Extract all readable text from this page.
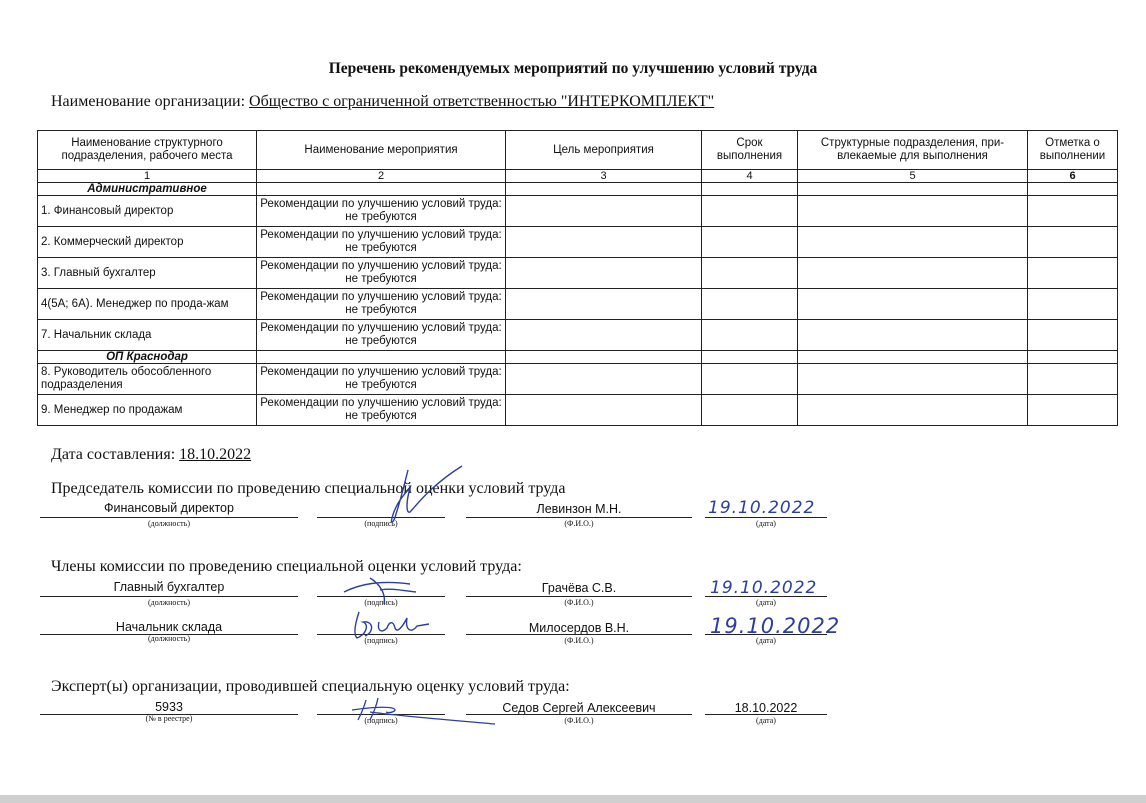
Перечень рекомендуемых мероприятий по улучшению условий труда
Наименование организации: Общество с ограниченной ответственностью "ИНТЕРКОМПЛЕКТ"
Наименование структурного подразделения, рабочего места	Наименование мероприятия	Цель мероприятия	Срок выполнения	Структурные подразделения, при-влекаемые для выполнения	Отметка о выполнении
1	2	3	4	5	6
Административное					
1. Финансовый директор	Рекомендации по улучшению условий труда: не требуются				
2. Коммерческий директор	Рекомендации по улучшению условий труда: не требуются				
3. Главный бухгалтер	Рекомендации по улучшению условий труда: не требуются				
4(5А; 6А). Менеджер по прода-жам	Рекомендации по улучшению условий труда: не требуются				
7. Начальник склада	Рекомендации по улучшению условий труда: не требуются				
ОП Краснодар					
8. Руководитель обособленного подразделения	Рекомендации по улучшению условий труда: не требуются				
9. Менеджер по продажам	Рекомендации по улучшению условий труда: не требуются				
Дата составления: 18.10.2022
Председатель комиссии по проведению специальной оценки условий труда
Финансовый директор
(должность)	(подпись)
Левинзон М.Н.
(Ф.И.О.)
19.10.2022
(дата)
Члены комиссии по проведению специальной оценки условий труда:
Главный бухгалтер
(должность)	(подпись)
Грачёва С.В.
(Ф.И.О.)
19.10.2022
(дата)
Начальник склада
(должность)	(подпись)
Милосердов В.Н.
(Ф.И.О.)
19.10.2022
(дата)
Эксперт(ы) организации, проводившей специальную оценку условий труда:
5933
(№ в реестре)	(подпись)
Седов Сергей Алексеевич
(Ф.И.О.)
18.10.2022
(дата)
